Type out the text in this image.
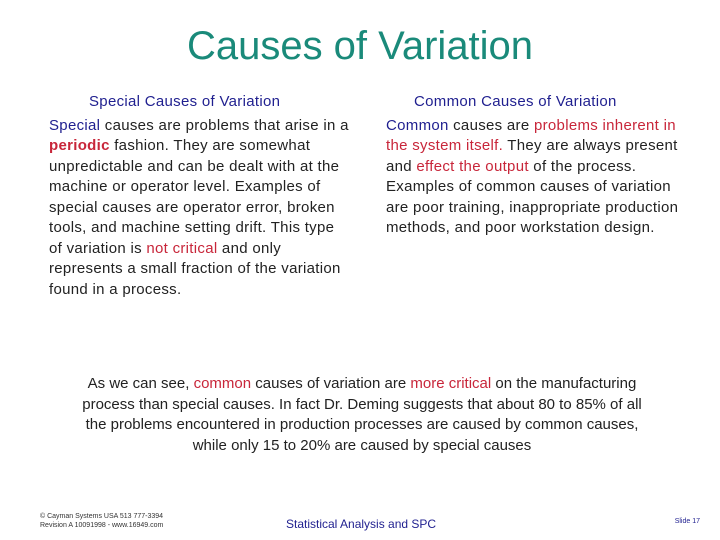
Causes of Variation
Special Causes of Variation
Special causes are problems that arise in a periodic fashion. They are somewhat unpredictable and can be dealt with at the machine or operator level. Examples of special causes are operator error, broken tools, and machine setting drift. This type of variation is not critical and only represents a small fraction of the variation found in a process.
Common Causes of Variation
Common causes are problems inherent in the system itself. They are always present and effect the output of the process. Examples of common causes of variation are poor training, inappropriate production methods, and poor workstation design.
As we can see, common causes of variation are more critical on the manufacturing process than special causes. In fact Dr. Deming suggests that about 80 to 85% of all the problems encountered in production processes are caused by common causes, while only 15 to 20% are caused by special causes
© Cayman Systems USA 513 777-3394
Revision A 10091998 - www.16949.com	Statistical Analysis and SPC	Slide 17
